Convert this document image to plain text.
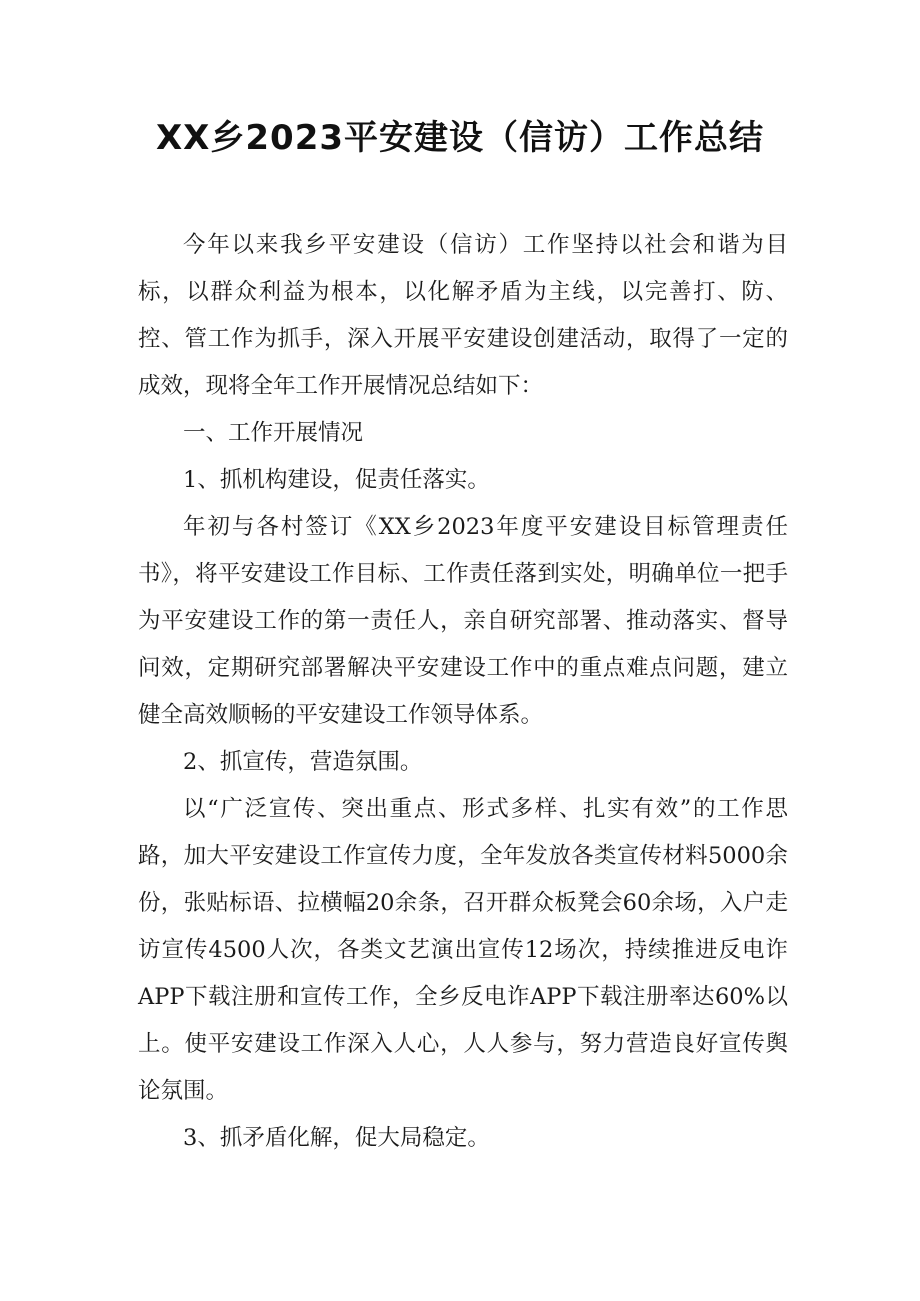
XX乡2023平安建设（信访）工作总结

今年以来我乡平安建设（信访）工作坚持以社会和谐为目标，以群众利益为根本，以化解矛盾为主线，以完善打、防、控、管工作为抓手，深入开展平安建设创建活动，取得了一定的成效，现将全年工作开展情况总结如下：

一、工作开展情况

1、抓机构建设，促责任落实。

年初与各村签订《XX乡2023年度平安建设目标管理责任书》，将平安建设工作目标、工作责任落到实处，明确单位一把手为平安建设工作的第一责任人，亲自研究部署、推动落实、督导问效，定期研究部署解决平安建设工作中的重点难点问题，建立健全高效顺畅的平安建设工作领导体系。

2、抓宣传，营造氛围。

以“广泛宣传、突出重点、形式多样、扎实有效”的工作思路，加大平安建设工作宣传力度，全年发放各类宣传材料5000余份，张贴标语、拉横幅20余条，召开群众板凳会60余场，入户走访宣传4500人次，各类文艺演出宣传12场次，持续推进反电诈APP下载注册和宣传工作，全乡反电诈APP下载注册率达60%以上。使平安建设工作深入人心，人人参与，努力营造良好宣传舆论氛围。

3、抓矛盾化解，促大局稳定。
